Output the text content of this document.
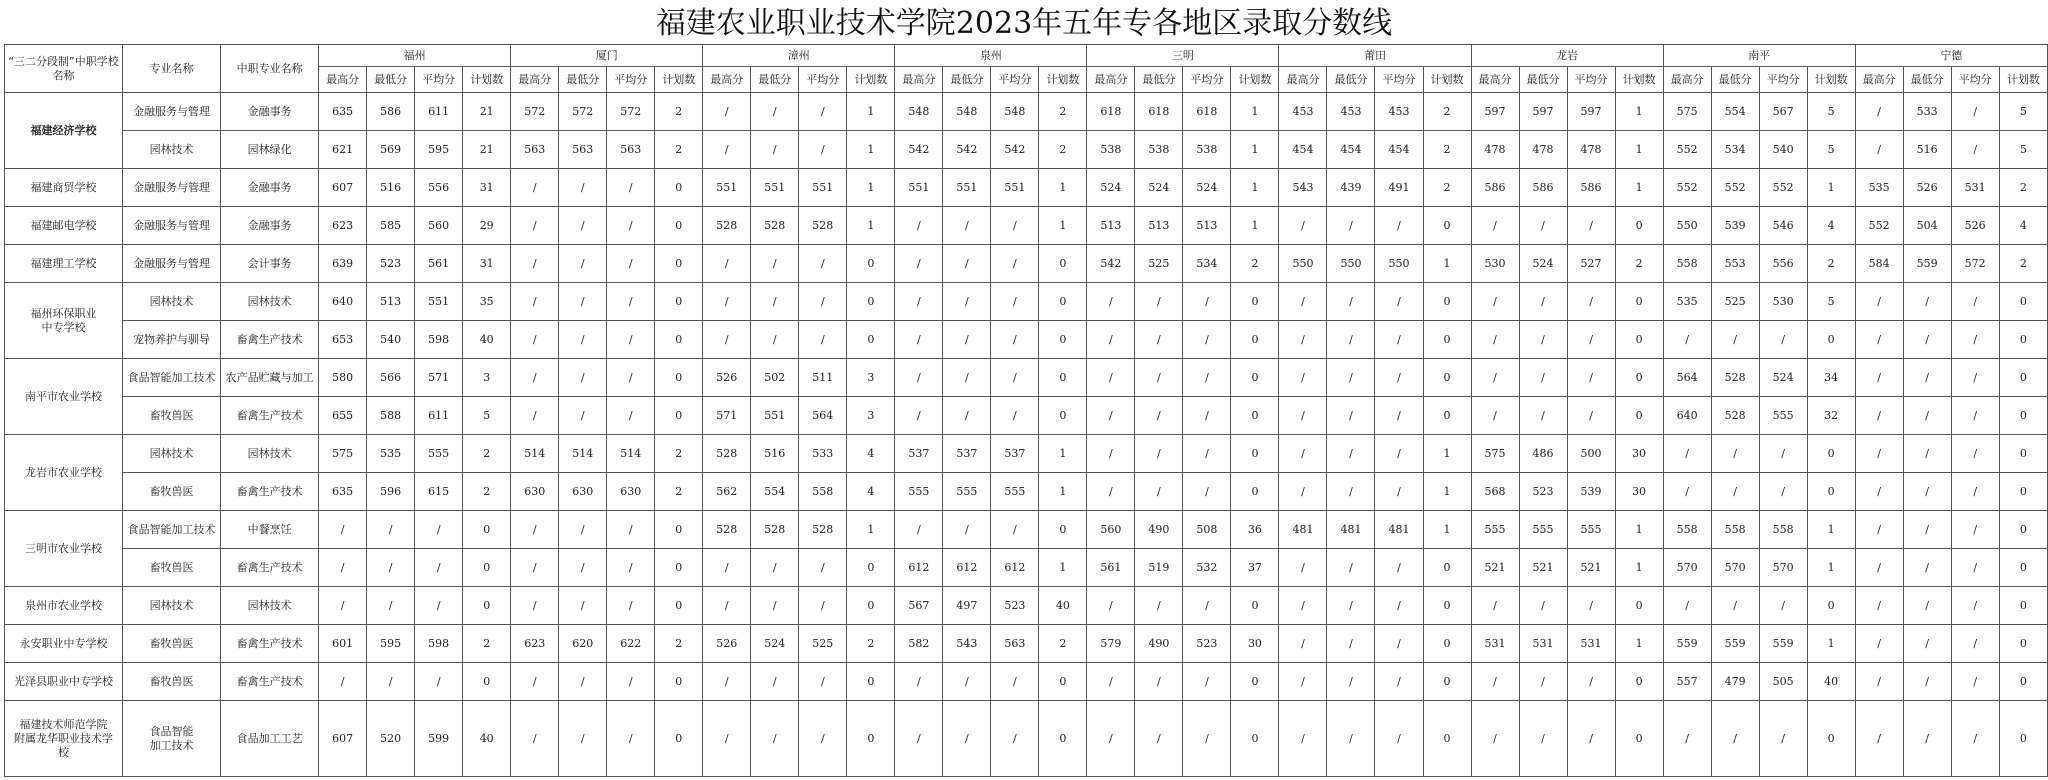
福建农业职业技术学院2023年五年专各地区录取分数线
“三二分段制”中职学校名称	专业名称	中职专业名称	福州				厦门				漳州				泉州				三明				莆田				龙岩				南平				宁德			
			最高分	最低分	平均分	计划数	最高分	最低分	平均分	计划数	最高分	最低分	平均分	计划数	最高分	最低分	平均分	计划数	最高分	最低分	平均分	计划数	最高分	最低分	平均分	计划数	最高分	最低分	平均分	计划数	最高分	最低分	平均分	计划数	最高分	最低分	平均分	计划数
福建经济学校	金融服务与管理	金融事务	635	586	611	21	572	572	572	2	/	/	/	1	548	548	548	2	618	618	618	1	453	453	453	2	597	597	597	1	575	554	567	5	/	533	/	5
	园林技术	园林绿化	621	569	595	21	563	563	563	2	/	/	/	1	542	542	542	2	538	538	538	1	454	454	454	2	478	478	478	1	552	534	540	5	/	516	/	5
福建商贸学校	金融服务与管理	金融事务	607	516	556	31	/	/	/	0	551	551	551	1	551	551	551	1	524	524	524	1	543	439	491	2	586	586	586	1	552	552	552	1	535	526	531	2
福建邮电学校	金融服务与管理	金融事务	623	585	560	29	/	/	/	0	528	528	528	1	/	/	/	1	513	513	513	1	/	/	/	0	/	/	/	0	550	539	546	4	552	504	526	4
福建理工学校	金融服务与管理	会计事务	639	523	561	31	/	/	/	0	/	/	/	0	/	/	/	0	542	525	534	2	550	550	550	1	530	524	527	2	558	553	556	2	584	559	572	2
福州环保职业
中专学校	园林技术	园林技术	640	513	551	35	/	/	/	0	/	/	/	0	/	/	/	0	/	/	/	0	/	/	/	0	/	/	/	0	535	525	530	5	/	/	/	0
	宠物养护与驯导	畜禽生产技术	653	540	598	40	/	/	/	0	/	/	/	0	/	/	/	0	/	/	/	0	/	/	/	0	/	/	/	0	/	/	/	0	/	/	/	0
南平市农业学校	食品智能加工技术	农产品贮藏与加工	580	566	571	3	/	/	/	0	526	502	511	3	/	/	/	0	/	/	/	0	/	/	/	0	/	/	/	0	564	528	524	34	/	/	/	0
	畜牧兽医	畜禽生产技术	655	588	611	5	/	/	/	0	571	551	564	3	/	/	/	0	/	/	/	0	/	/	/	0	/	/	/	0	640	528	555	32	/	/	/	0
龙岩市农业学校	园林技术	园林技术	575	535	555	2	514	514	514	2	528	516	533	4	537	537	537	1	/	/	/	0	/	/	/	1	575	486	500	30	/	/	/	0	/	/	/	0
	畜牧兽医	畜禽生产技术	635	596	615	2	630	630	630	2	562	554	558	4	555	555	555	1	/	/	/	0	/	/	/	1	568	523	539	30	/	/	/	0	/	/	/	0
三明市农业学校	食品智能加工技术	中餐烹饪	/	/	/	0	/	/	/	0	528	528	528	1	/	/	/	0	560	490	508	36	481	481	481	1	555	555	555	1	558	558	558	1	/	/	/	0
	畜牧兽医	畜禽生产技术	/	/	/	0	/	/	/	0	/	/	/	0	612	612	612	1	561	519	532	37	/	/	/	0	521	521	521	1	570	570	570	1	/	/	/	0
泉州市农业学校	园林技术	园林技术	/	/	/	0	/	/	/	0	/	/	/	0	567	497	523	40	/	/	/	0	/	/	/	0	/	/	/	0	/	/	/	0	/	/	/	0
永安职业中专学校	畜牧兽医	畜禽生产技术	601	595	598	2	623	620	622	2	526	524	525	2	582	543	563	2	579	490	523	30	/	/	/	0	531	531	531	1	559	559	559	1	/	/	/	0
光泽县职业中专学校	畜牧兽医	畜禽生产技术	/	/	/	0	/	/	/	0	/	/	/	0	/	/	/	0	/	/	/	0	/	/	/	0	/	/	/	0	557	479	505	40	/	/	/	0
福建技术师范学院
附属龙华职业技术学
校	食品智能
加工技术	食品加工工艺	607	520	599	40	/	/	/	0	/	/	/	0	/	/	/	0	/	/	/	0	/	/	/	0	/	/	/	0	/	/	/	0	/	/	/	0
